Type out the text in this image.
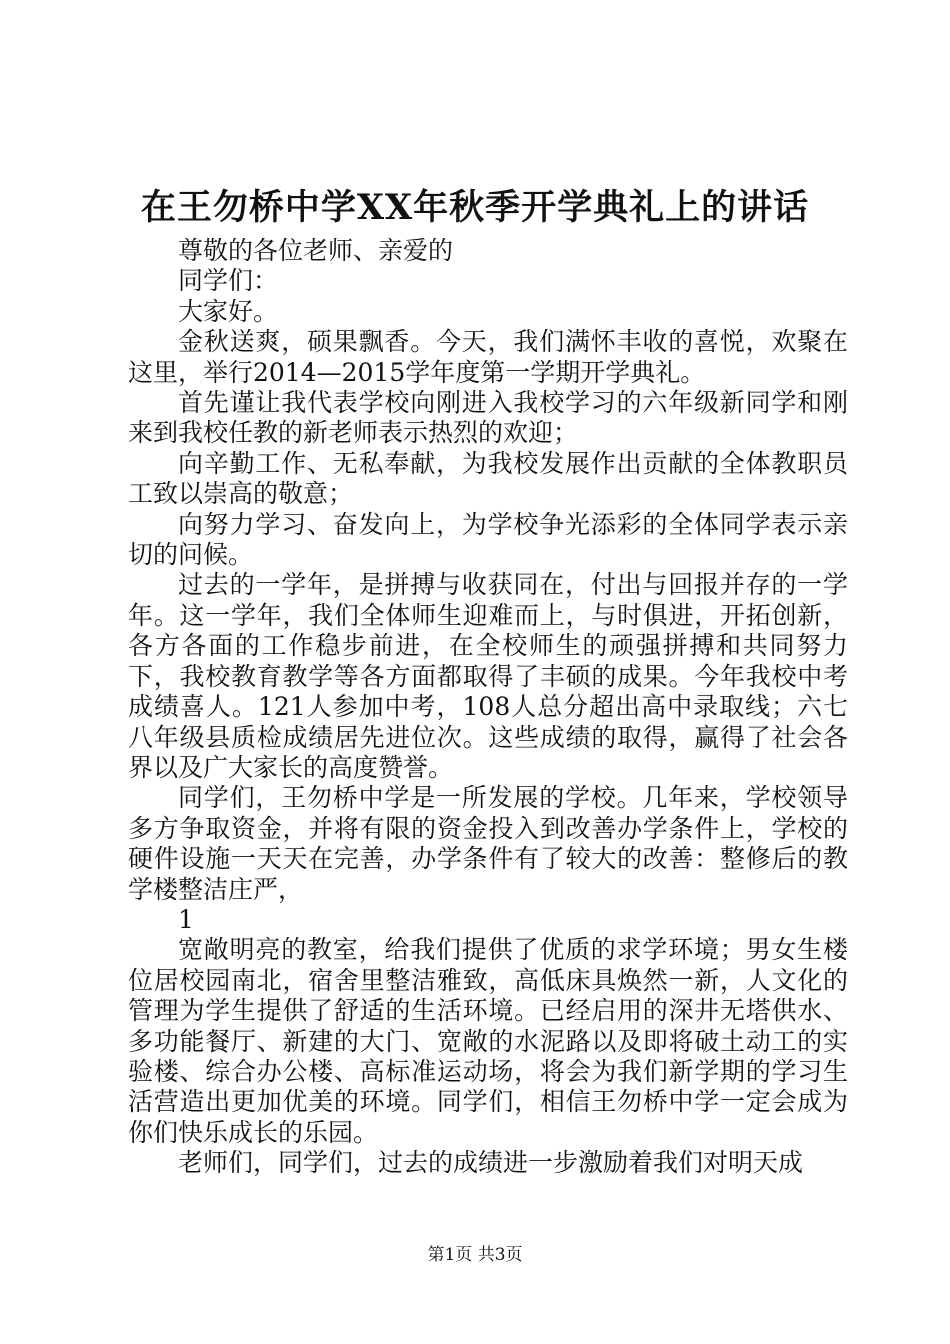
在王勿桥中学XX年秋季开学典礼上的讲话

尊敬的各位老师、亲爱的

同学们：

大家好。

金秋送爽，硕果飘香。今天，我们满怀丰收的喜悦，欢聚在这里，举行2014—2015学年度第一学期开学典礼。

首先谨让我代表学校向刚进入我校学习的六年级新同学和刚来到我校任教的新老师表示热烈的欢迎；

向辛勤工作、无私奉献，为我校发展作出贡献的全体教职员工致以崇高的敬意；

向努力学习、奋发向上，为学校争光添彩的全体同学表示亲切的问候。

过去的一学年，是拼搏与收获同在，付出与回报并存的一学年。这一学年，我们全体师生迎难而上，与时俱进，开拓创新，各方各面的工作稳步前进，在全校师生的顽强拼搏和共同努力下，我校教育教学等各方面都取得了丰硕的成果。今年我校中考成绩喜人。121人参加中考，108人总分超出高中录取线；六七八年级县质检成绩居先进位次。这些成绩的取得，赢得了社会各界以及广大家长的高度赞誉。

同学们，王勿桥中学是一所发展的学校。几年来，学校领导多方争取资金，并将有限的资金投入到改善办学条件上，学校的硬件设施一天天在完善，办学条件有了较大的改善：整修后的教学楼整洁庄严，

1

宽敞明亮的教室，给我们提供了优质的求学环境；男女生楼位居校园南北，宿舍里整洁雅致，高低床具焕然一新，人文化的管理为学生提供了舒适的生活环境。已经启用的深井无塔供水、多功能餐厅、新建的大门、宽敞的水泥路以及即将破土动工的实验楼、综合办公楼、高标准运动场，将会为我们新学期的学习生活营造出更加优美的环境。同学们，相信王勿桥中学一定会成为你们快乐成长的乐园。

老师们，同学们，过去的成绩进一步激励着我们对明天成

第1页 共3页
